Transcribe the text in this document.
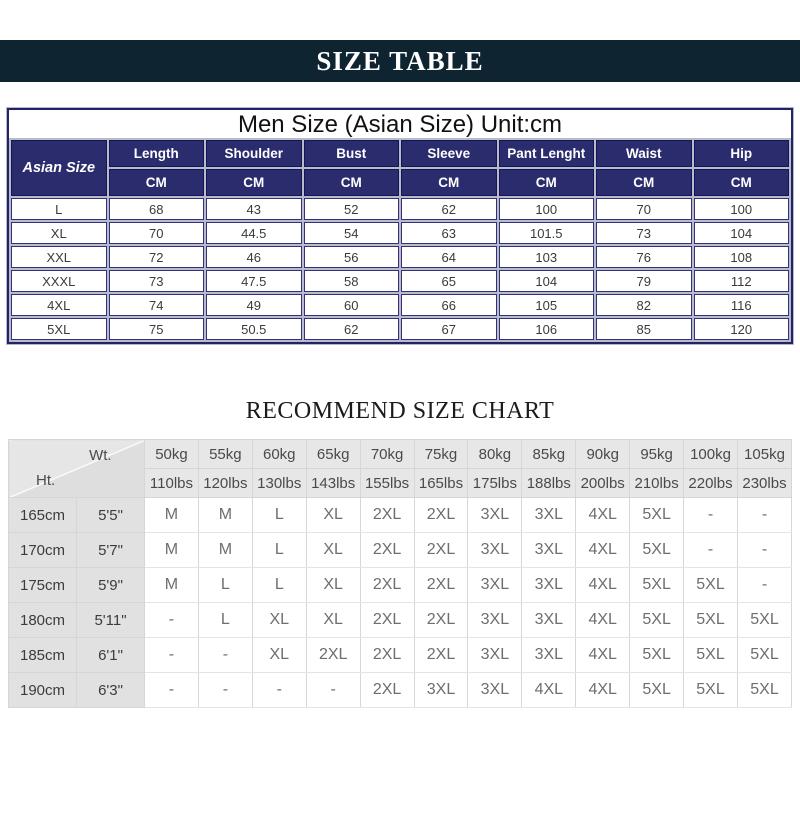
SIZE TABLE
Men Size (Asian Size) Unit:cm
Asian Size	Length	Shoulder	Bust	Sleeve	Pant Lenght	Waist	Hip
	CM	CM	CM	CM	CM	CM	CM
L	68	43	52	62	100	70	100
XL	70	44.5	54	63	101.5	73	104
XXL	72	46	56	64	103	76	108
XXXL	73	47.5	58	65	104	79	112
4XL	74	49	60	66	105	82	116
5XL	75	50.5	62	67	106	85	120
RECOMMEND SIZE CHART
Wt.
Ht.		50kg	55kg	60kg	65kg	70kg	75kg	80kg	85kg	90kg	95kg	100kg	105kg
		110lbs	120lbs	130lbs	143lbs	155lbs	165lbs	175lbs	188lbs	200lbs	210lbs	220lbs	230lbs
165cm	5'5"	M	M	L	XL	2XL	2XL	3XL	3XL	4XL	5XL	-	-
170cm	5'7"	M	M	L	XL	2XL	2XL	3XL	3XL	4XL	5XL	-	-
175cm	5'9"	M	L	L	XL	2XL	2XL	3XL	3XL	4XL	5XL	5XL	-
180cm	5'11"	-	L	XL	XL	2XL	2XL	3XL	3XL	4XL	5XL	5XL	5XL
185cm	6'1"	-	-	XL	2XL	2XL	2XL	3XL	3XL	4XL	5XL	5XL	5XL
190cm	6'3"	-	-	-	-	2XL	3XL	3XL	4XL	4XL	5XL	5XL	5XL
